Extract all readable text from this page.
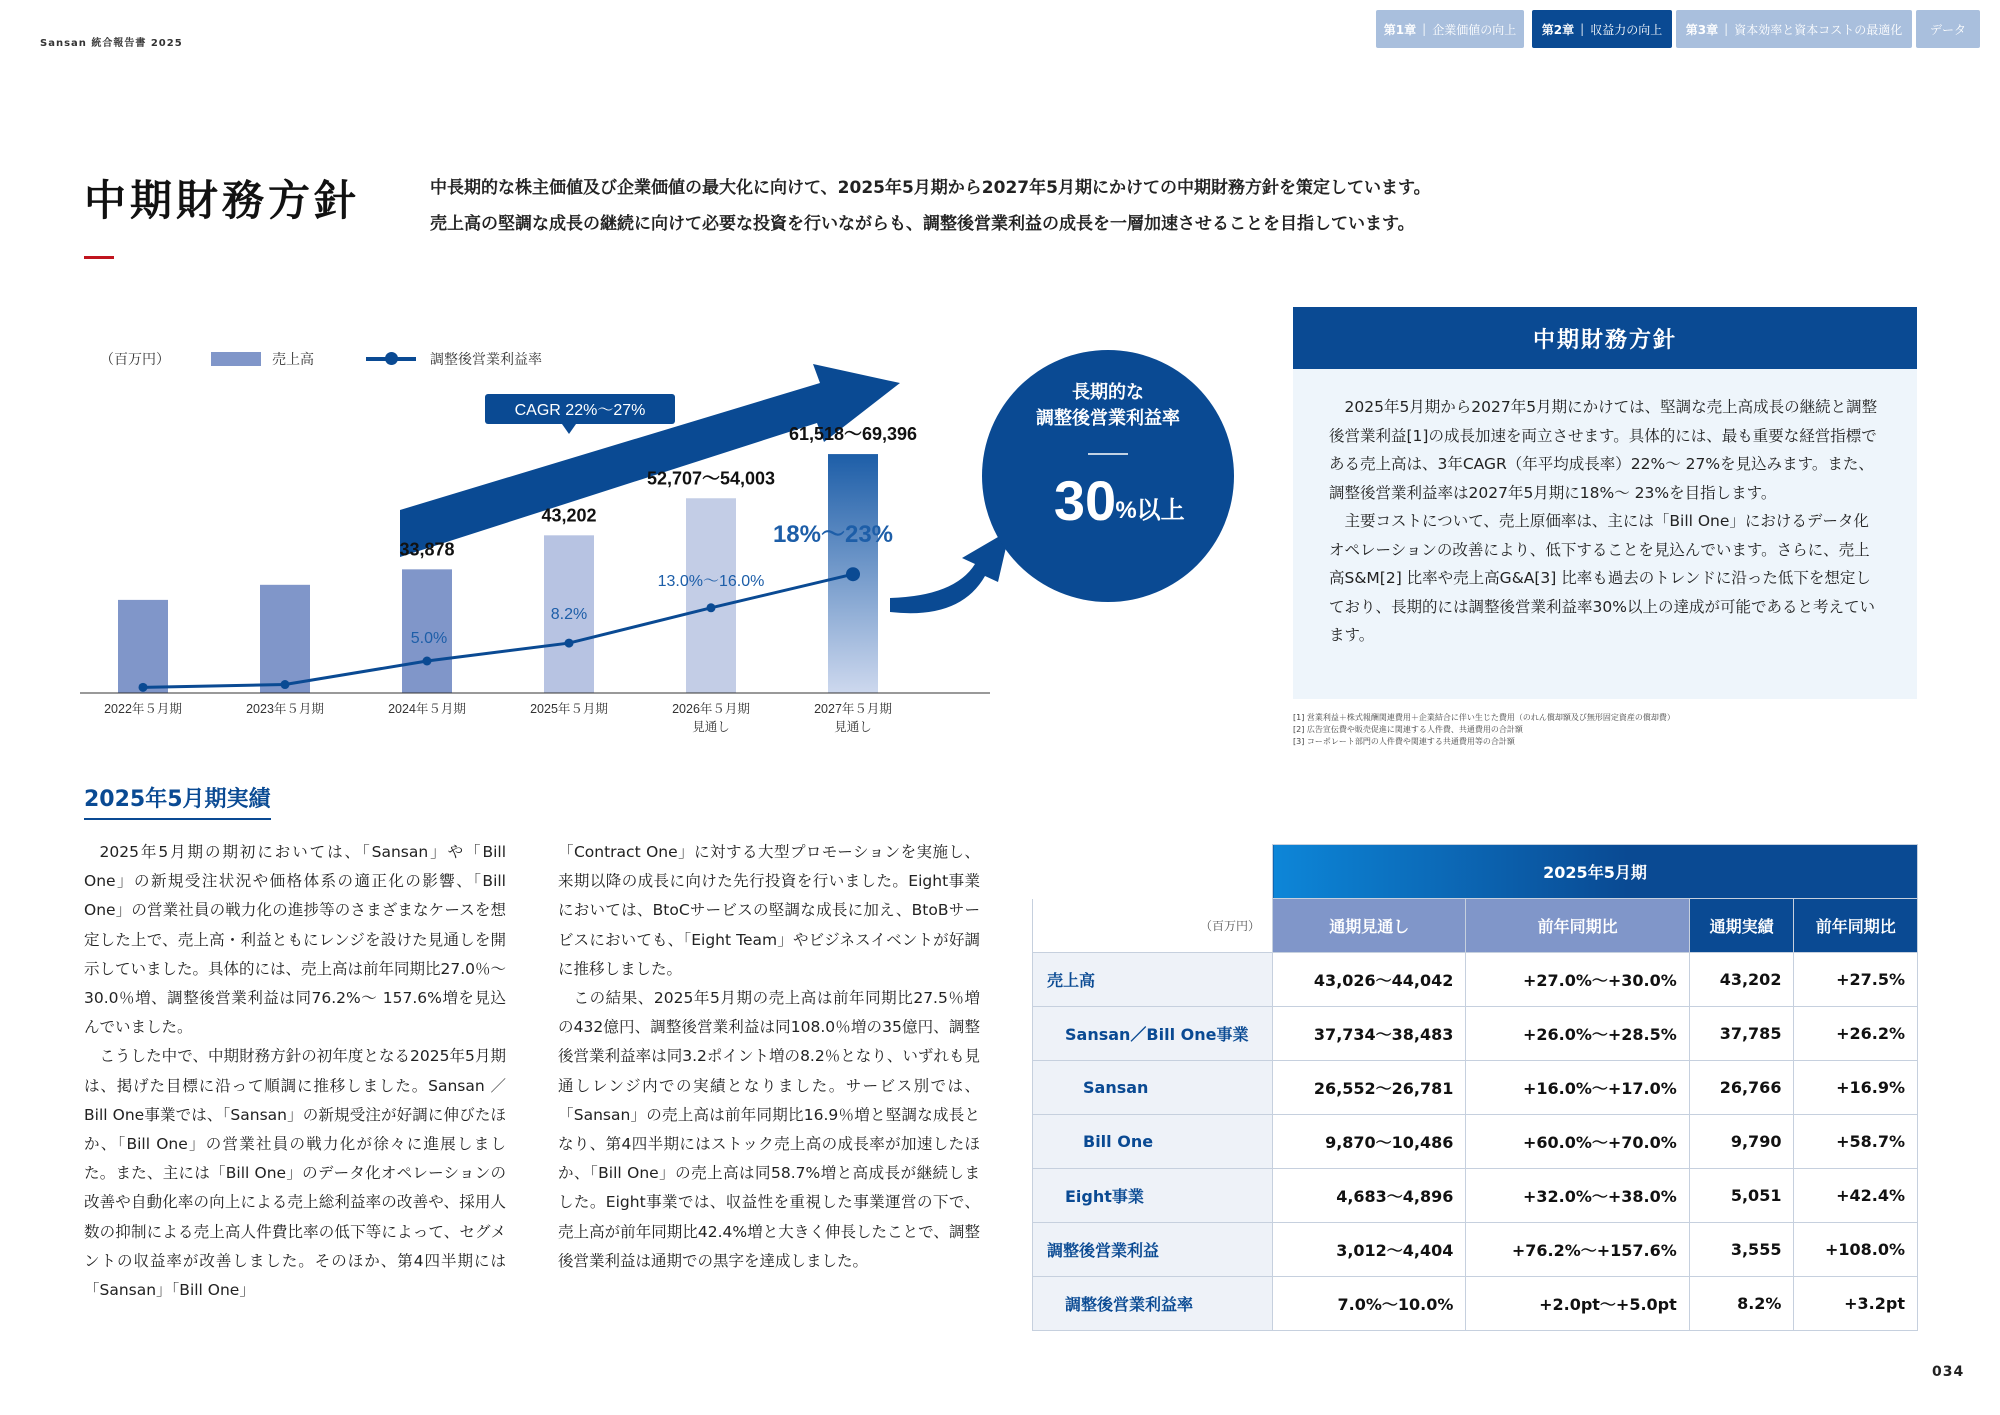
Sansan 統合報告書 2025
第1章 | 企業価値の向上 第2章 | 収益力の向上 第3章 | 資本効率と資本コストの最適化 データ
中期財務方針	中長期的な株主価値及び企業価値の最大化に向けて、2025年5月期から2027年5月期にかけての中期財務方針を策定しています。
売上高の堅調な成長の継続に向けて必要な投資を行いながらも、調整後営業利益の成長を一層加速させることを目指しています。
（百万円）	売上高	調整後営業利益率
CAGR 22%〜27%
33,878
43,202
52,707〜54,003
61,518〜69,396
2022年５月期	2023年５月期	2024年５月期	2025年５月期	2026年５月期
見通し
2027年５月期
見通し
5.0%
8.2%
13.0%〜16.0%
18%〜23%
長期的な
調整後営業利益率
30 %以上
中期財務方針

2025年5月期から2027年5月期にかけては、堅調な売上高成長の継続と調整後営業利益[1]の成長加速を両立させます。具体的には、最も重要な経営指標である売上高は、3年CAGR（年平均成長率）22%〜 27%を見込みます。また、調整後営業利益率は2027年5月期に18%〜 23%を目指します。

主要コストについて、売上原価率は、主には「Bill One」におけるデータ化オペレーションの改善により、低下することを見込んでいます。さらに、売上高S&M[2] 比率や売上高G&A[3] 比率も過去のトレンドに沿った低下を想定しており、長期的には調整後営業利益率30%以上の達成が可能であると考えています。

[1] 営業利益＋株式報酬関連費用＋企業結合に伴い生じた費用（のれん償却額及び無形固定資産の償却費）
[2] 広告宣伝費や販売促進に関連する人件費、共通費用の合計額
[3] コーポレート部門の人件費や関連する共通費用等の合計額
2025年5月期実績

2025年5月期の期初においては、「Sansan」や「Bill One」の新規受注状況や価格体系の適正化の影響、「Bill One」の営業社員の戦力化の進捗等のさまざまなケースを想定した上で、売上高・利益ともにレンジを設けた見通しを開示していました。具体的には、売上高は前年同期比27.0％〜 30.0％増、調整後営業利益は同76.2%〜 157.6%増を見込んでいました。

こうした中で、中期財務方針の初年度となる2025年5月期は、掲げた目標に沿って順調に推移しました。Sansan ／ Bill One事業では、「Sansan」の新規受注が好調に伸びたほか、「Bill One」の営業社員の戦力化が徐々に進展しました。また、主には「Bill One」のデータ化オペレーションの改善や自動化率の向上による売上総利益率の改善や、採用人数の抑制による売上高人件費比率の低下等によって、セグメントの収益率が改善しました。そのほか、第4四半期には「Sansan」「Bill One」

「Contract One」に対する大型プロモーションを実施し、来期以降の成長に向けた先行投資を行いました。Eight事業においては、BtoCサービスの堅調な成長に加え、BtoBサービスにおいても、「Eight Team」やビジネスイベントが好調に推移しました。

この結果、2025年5月期の売上高は前年同期比27.5％増の432億円、調整後営業利益は同108.0％増の35億円、調整後営業利益率は同3.2ポイント増の8.2％となり、いずれも見通しレンジ内での実績となりました。サービス別では、「Sansan」の売上高は前年同期比16.9％増と堅調な成長となり、第4四半期にはストック売上高の成長率が加速したほか、「Bill One」の売上高は同58.7%増と高成長が継続しました。Eight事業では、収益性を重視した事業運営の下で、売上高が前年同期比42.4%増と大きく伸長したことで、調整後営業利益は通期での黒字を達成しました。

	2025年5月期			
（百万円）	通期見通し	前年同期比	通期実績	前年同期比
売上高	43,026〜44,042	+27.0%〜+30.0%	43,202	+27.5%
Sansan／Bill One事業	37,734〜38,483	+26.0%〜+28.5%	37,785	+26.2%
Sansan	26,552〜26,781	+16.0%〜+17.0%	26,766	+16.9%
Bill One	9,870〜10,486	+60.0%〜+70.0%	9,790	+58.7%
Eight事業	4,683〜4,896	+32.0%〜+38.0%	5,051	+42.4%
調整後営業利益	3,012〜4,404	+76.2%〜+157.6%	3,555	+108.0%
調整後営業利益率	7.0%〜10.0%	+2.0pt〜+5.0pt	8.2%	+3.2pt
034
